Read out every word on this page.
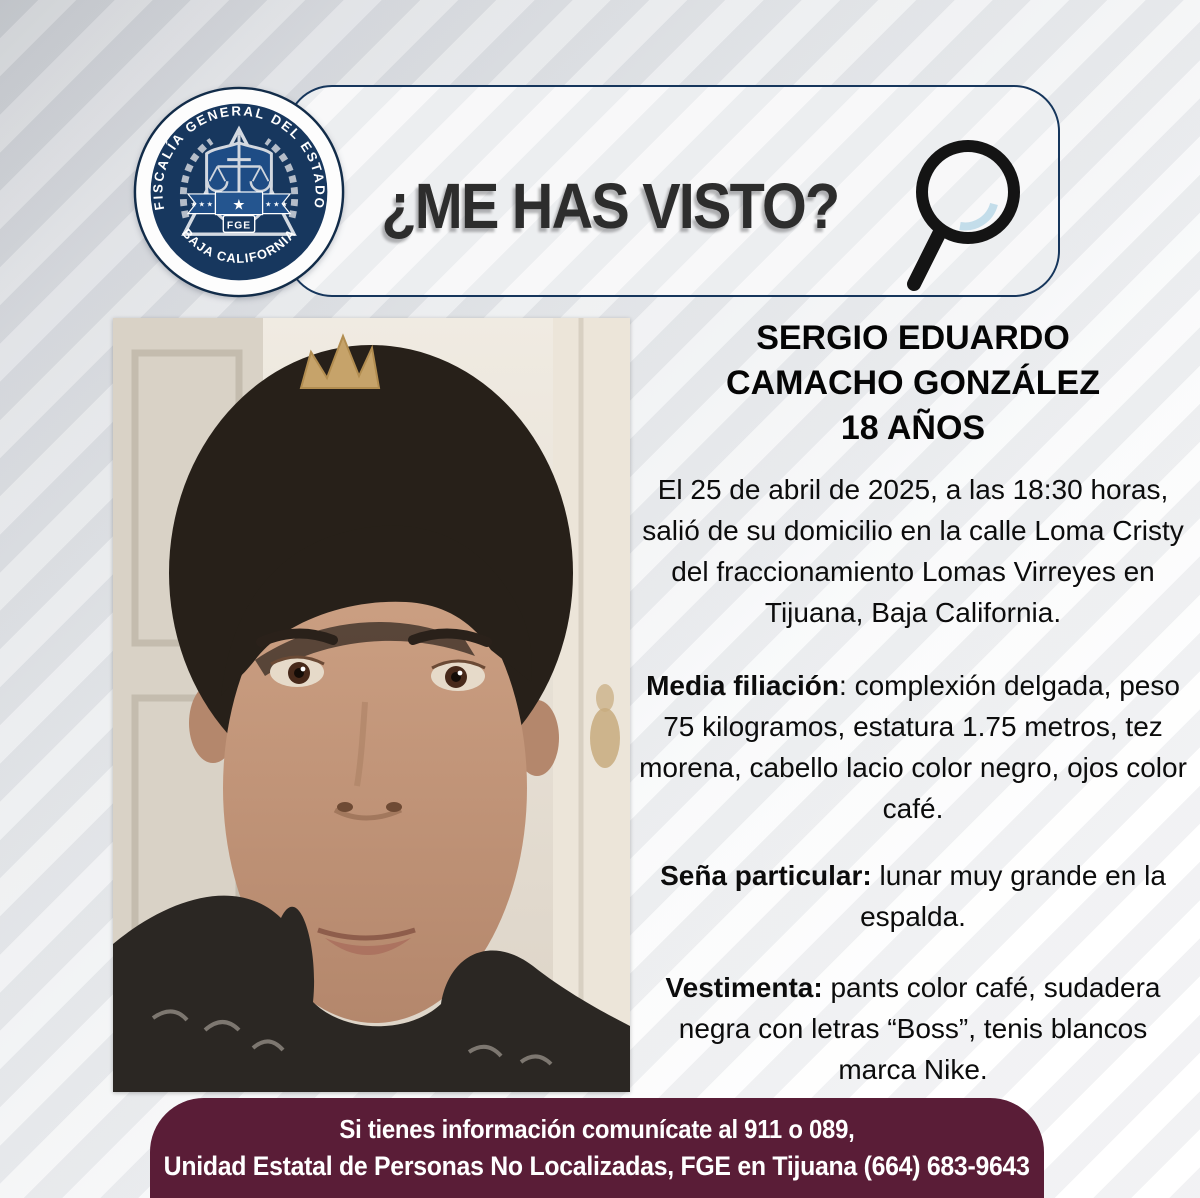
★ ★ ★	★ ★ ★
★
FGE
FISCALÍA GENERAL DEL ESTADO
BAJA CALIFORNIA ¿ME HAS VISTO?

SERGIO EDUARDO
CAMACHO GONZÁLEZ
18 AÑOS

El 25 de abril de 2025, a las 18:30 horas, salió de su domicilio en la calle Loma Cristy del fraccionamiento Lomas Virreyes en Tijuana, Baja California.

Media filiación: complexión delgada, peso 75 kilogramos, estatura 1.75 metros, tez morena, cabello lacio color negro, ojos color café.

Seña particular: lunar muy grande en la espalda.

Vestimenta: pants color café, sudadera negra con letras “Boss”, tenis blancos marca Nike.

Si tienes información comunícate al 911 o 089,
Unidad Estatal de Personas No Localizadas, FGE en Tijuana (664) 683-9643
